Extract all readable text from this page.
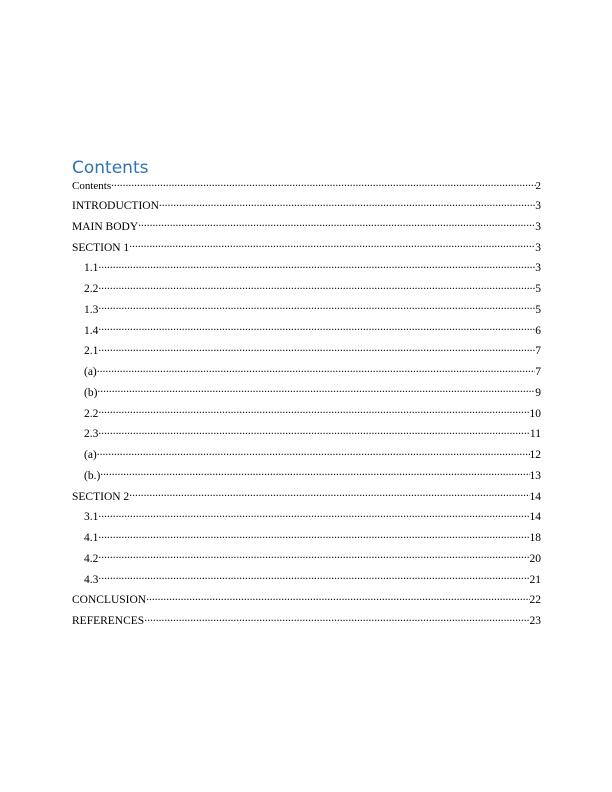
Contents
Contents .....	2
INTRODUCTION .....	3
MAIN BODY .....	3
SECTION 1 .....	3
1.1 .....	3
2.2 .....	5
1.3 .....	5
1.4 .....	6
2.1 .....	7
(a) .....	7
(b) .....	9
2.2 .....	10
2.3 .....	11
(a) .....	12
(b.) .....	13
SECTION 2 .....	14
3.1 .....	14
4.1 .....	18
4.2 .....	20
4.3 .....	21
CONCLUSION .....	22
REFERENCES .....	23
